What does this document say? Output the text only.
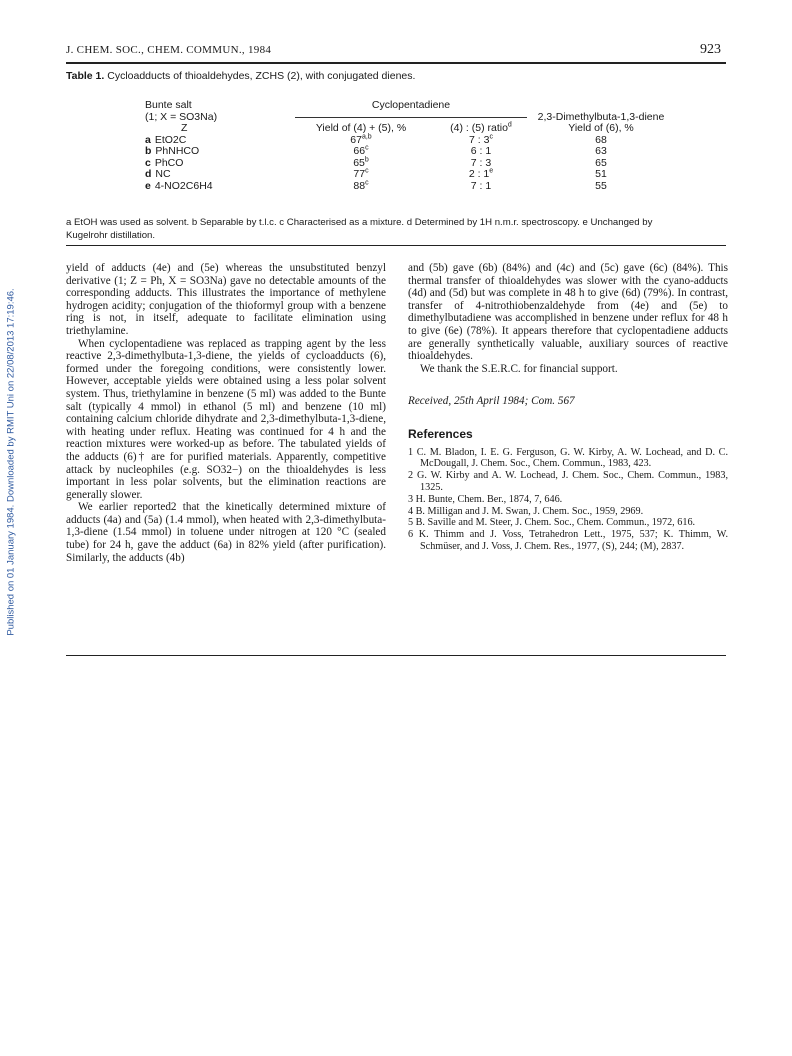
J. CHEM. SOC., CHEM. COMMUN., 1984	923
Published on 01 January 1984. Downloaded by RMIT Uni on 22/08/2013 17:19:46.
Table 1. Cycloadducts of thioaldehydes, ZCHS (2), with conjugated dienes.
Bunte salt	Cyclopentadiene		
(1; X = SO3Na)			2,3-Dimethylbuta-1,3-diene
Z	Yield of (4) + (5), %	(4) : (5) ratio$^d$	Yield of (6), %
a EtO2C	67$^{a,b}$	7 : 3$^c$	68
b PhNHCO	66$^c$	6 : 1	63
c PhCO	65$^b$	7 : 3	65
d NC	77$^c$	2 : 1e	51
e 4-NO2C6H4	88$^c$	7 : 1	55
a EtOH was used as solvent. b Separable by t.l.c. c Characterised as a mixture. d Determined by 1H n.m.r. spectroscopy. e Unchanged by
Kugelrohr distillation.

yield of adducts (4e) and (5e) whereas the unsubstituted benzyl derivative (1; Z = Ph, X = SO3Na) gave no detectable amounts of the corresponding adducts. This illustrates the importance of methylene hydrogen acidity; conjugation of the thioformyl group with a benzene ring is not, in itself, adequate to facilitate elimination using triethylamine.

When cyclopentadiene was replaced as trapping agent by the less reactive 2,3-dimethylbuta-1,3-diene, the yields of cycloadducts (6), formed under the foregoing conditions, were consistently lower. However, acceptable yields were obtained using a less polar solvent system. Thus, triethylamine in benzene (5 ml) was added to the Bunte salt (typically 4 mmol) in ethanol (5 ml) and benzene (10 ml) containing calcium chloride dihydrate and 2,3-dimethylbuta-1,3-diene, with heating under reflux. Heating was continued for 4 h and the reaction mixtures were worked-up as before. The tabulated yields of the adducts (6)† are for purified materials. Apparently, competitive attack by nucleophiles (e.g. SO32−) on the thioaldehydes is less important in less polar solvents, but the elimination reactions are generally slower.

We earlier reported2 that the kinetically determined mixture of adducts (4a) and (5a) (1.4 mmol), when heated with 2,3-dimethylbuta-1,3-diene (1.54 mmol) in toluene under nitrogen at 120 °C (sealed tube) for 24 h, gave the adduct (6a) in 82% yield (after purification). Similarly, the adducts (4b)

and (5b) gave (6b) (84%) and (4c) and (5c) gave (6c) (84%). This thermal transfer of thioaldehydes was slower with the cyano-adducts (4d) and (5d) but was complete in 48 h to give (6d) (79%). In contrast, transfer of 4-nitrothiobenzaldehyde from (4e) and (5e) to dimethylbutadiene was accomplished in benzene under reflux for 48 h to give (6e) (78%). It appears therefore that cyclopentadiene adducts are generally synthetically valuable, auxiliary sources of reactive thioaldehydes.

We thank the S.E.R.C. for financial support.

Received, 25th April 1984; Com. 567

References

1 C. M. Bladon, I. E. G. Ferguson, G. W. Kirby, A. W. Lochead, and D. C. McDougall, J. Chem. Soc., Chem. Commun., 1983, 423.

2 G. W. Kirby and A. W. Lochead, J. Chem. Soc., Chem. Commun., 1983, 1325.

3 H. Bunte, Chem. Ber., 1874, 7, 646.

4 B. Milligan and J. M. Swan, J. Chem. Soc., 1959, 2969.

5 B. Saville and M. Steer, J. Chem. Soc., Chem. Commun., 1972, 616.

6 K. Thimm and J. Voss, Tetrahedron Lett., 1975, 537; K. Thimm, W. Schmüser, and J. Voss, J. Chem. Res., 1977, (S), 244; (M), 2837.
